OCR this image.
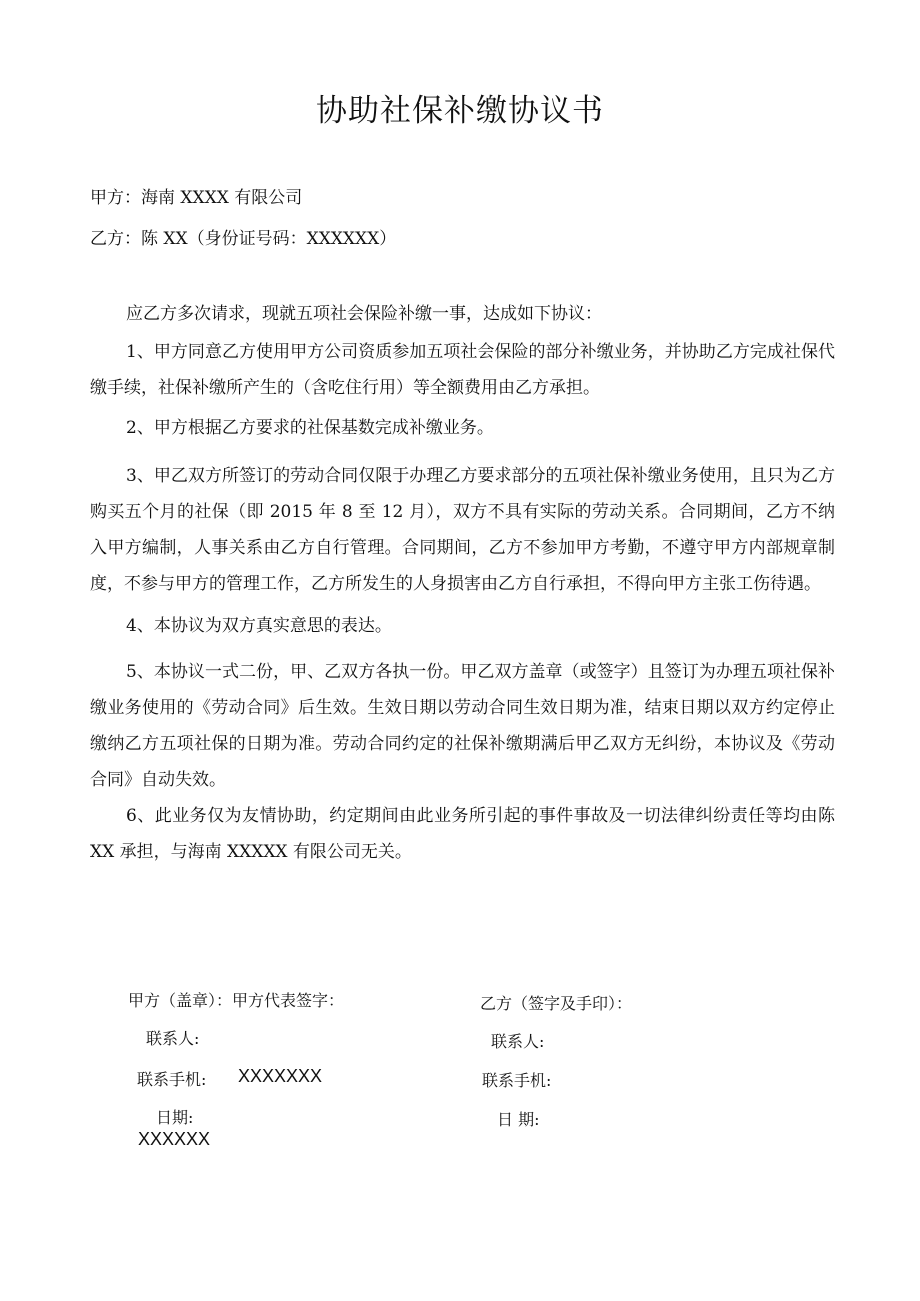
协助社保补缴协议书
甲方：海南 XXXX 有限公司
乙方：陈 XX（身份证号码：XXXXXX）

应乙方多次请求，现就五项社会保险补缴一事，达成如下协议：

1、甲方同意乙方使用甲方公司资质参加五项社会保险的部分补缴业务，并协助乙方完成社保代缴手续，社保补缴所产生的（含吃住行用）等全额费用由乙方承担。

2、甲方根据乙方要求的社保基数完成补缴业务。

3、甲乙双方所签订的劳动合同仅限于办理乙方要求部分的五项社保补缴业务使用，且只为乙方购买五个月的社保（即 2015 年 8 至 12 月），双方不具有实际的劳动关系。合同期间，乙方不纳入甲方编制，人事关系由乙方自行管理。合同期间，乙方不参加甲方考勤，不遵守甲方内部规章制度，不参与甲方的管理工作，乙方所发生的人身损害由乙方自行承担，不得向甲方主张工伤待遇。

4、本协议为双方真实意思的表达。

5、本协议一式二份，甲、乙双方各执一份。甲乙双方盖章（或签字）且签订为办理五项社保补缴业务使用的《劳动合同》后生效。生效日期以劳动合同生效日期为准，结束日期以双方约定停止缴纳乙方五项社保的日期为准。劳动合同约定的社保补缴期满后甲乙双方无纠纷，本协议及《劳动合同》自动失效。

6、此业务仅为友情协助，约定期间由此业务所引起的事件事故及一切法律纠纷责任等均由陈 XX 承担，与海南 XXXXX 有限公司无关。

甲方（盖章）：甲方代表签字：
联系人:
联系手机: XXXXXXX
日期:
XXXXXX
乙方（签字及手印）：
联系人:
联系手机:
日 期:
